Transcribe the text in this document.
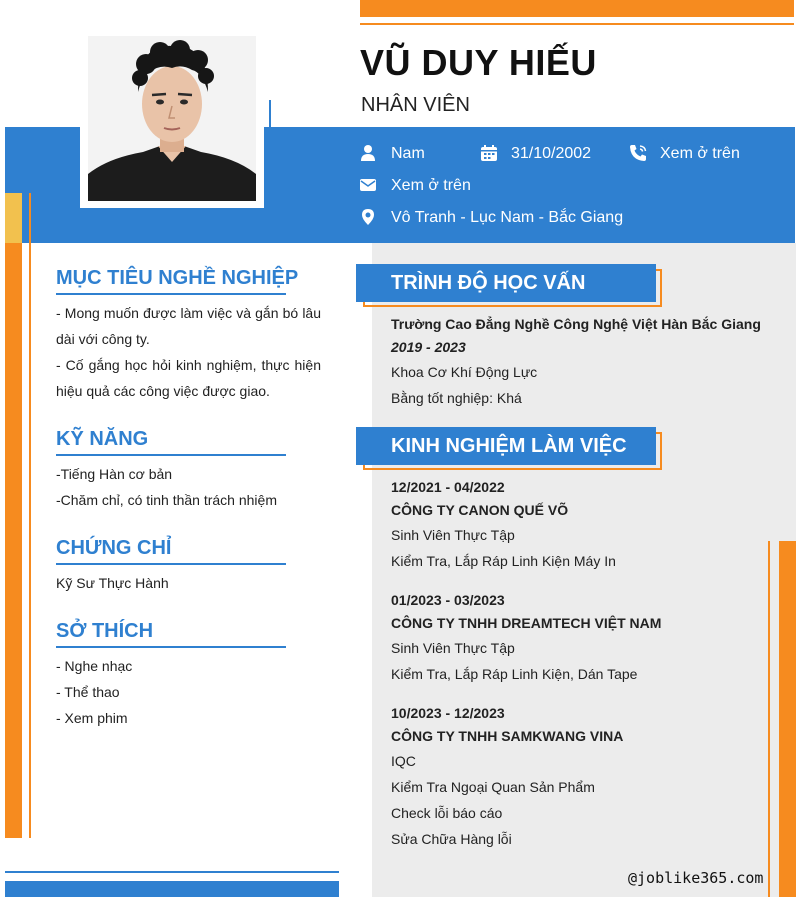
VŨ DUY HIẾU
NHÂN VIÊN
Nam	31/10/2002	Xem ở trên
Xem ở trên
Vô Tranh - Lục Nam - Bắc Giang
MỤC TIÊU NGHỀ NGHIỆP
- Mong muốn được làm việc và gắn bó lâu dài với công ty.
- Cố gắng học hỏi kinh nghiệm, thực hiện hiệu quả các công việc được giao.
KỸ NĂNG
-Tiếng Hàn cơ bản
-Chăm chỉ, có tinh thần trách nhiệm
CHỨNG CHỈ
Kỹ Sư Thực Hành
SỞ THÍCH
- Nghe nhạc
- Thể thao
- Xem phim
TRÌNH ĐỘ HỌC VẤN
Trường Cao Đẳng Nghề Công Nghệ Việt Hàn Bắc Giang
2019 - 2023
Khoa Cơ Khí Động Lực
Bằng tốt nghiệp: Khá
KINH NGHIỆM LÀM VIỆC
12/2021 - 04/2022
CÔNG TY CANON QUẾ VÕ
Sinh Viên Thực Tập
Kiểm Tra, Lắp Ráp Linh Kiện Máy In
01/2023 - 03/2023
CÔNG TY TNHH DREAMTECH VIỆT NAM
Sinh Viên Thực Tập
Kiểm Tra, Lắp Ráp Linh Kiện, Dán Tape
10/2023 - 12/2023
CÔNG TY TNHH SAMKWANG VINA
IQC
Kiểm Tra Ngoại Quan Sản Phẩm
Check lỗi báo cáo
Sửa Chữa Hàng lỗi
@joblike365.com
